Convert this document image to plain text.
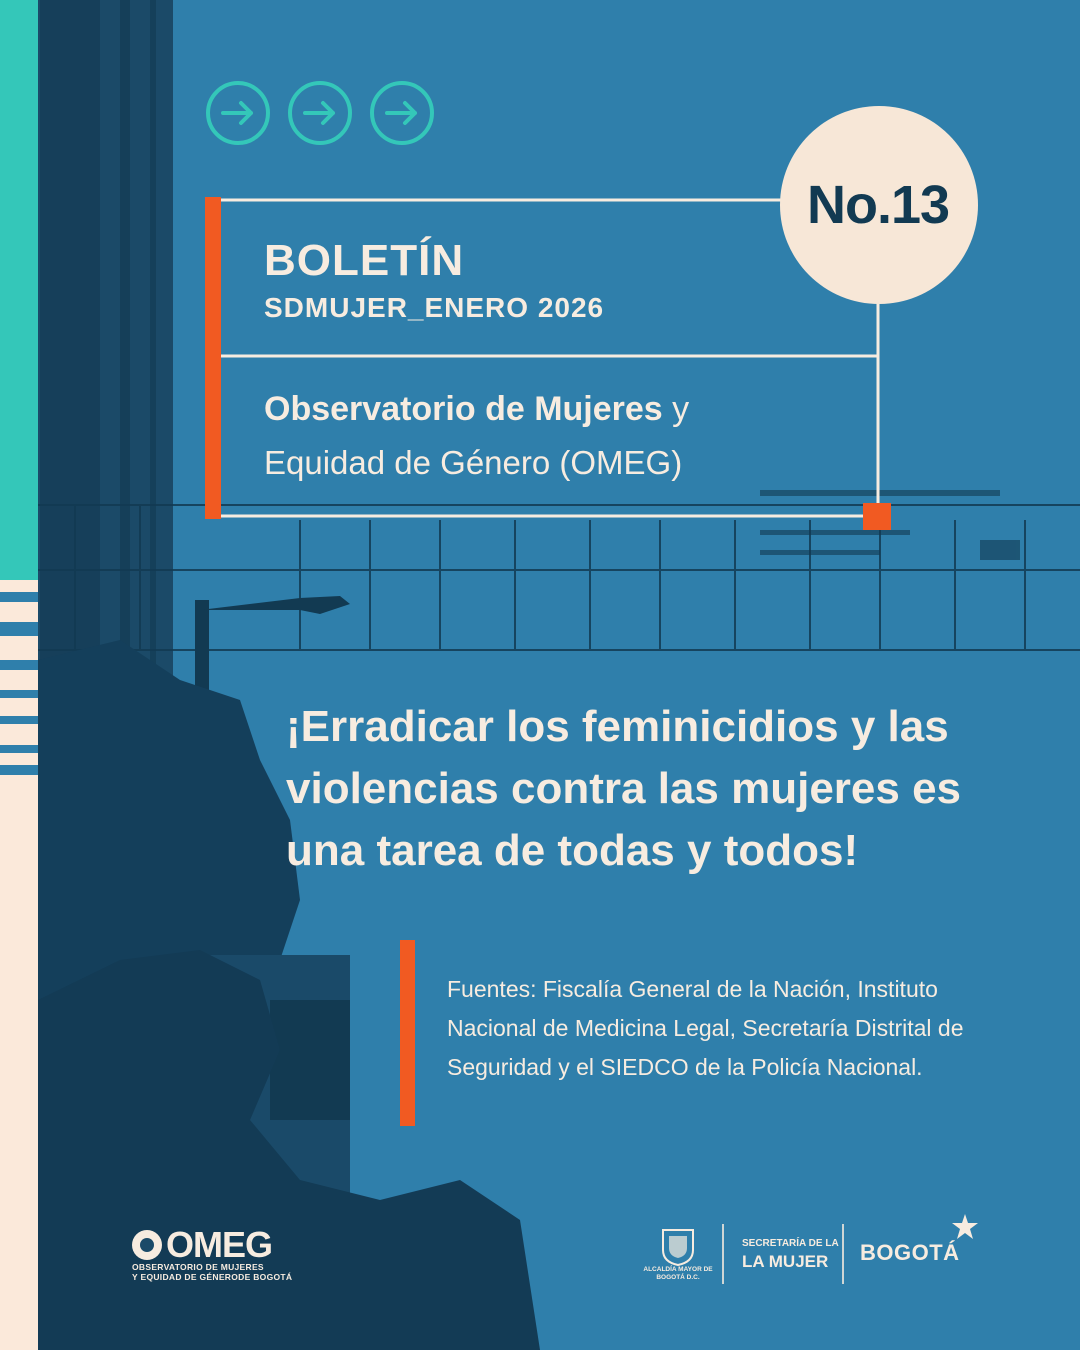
No.13
BOLETÍN
SDMUJER_ENERO 2026
Observatorio de Mujeres y
Equidad de Género (OMEG)
¡Erradicar los feminicidios y las violencias contra las mujeres es una tarea de todas y todos!
Fuentes: Fiscalía General de la Nación, Instituto Nacional de Medicina Legal, Secretaría Distrital de Seguridad y el SIEDCO de la Policía Nacional.
OMEG
OBSERVATORIO DE MUJERES
Y EQUIDAD DE GÉNERODE BOGOTÁ
ALCALDÍA MAYOR DE BOGOTÁ D.C.
SECRETARÍA DE LA
LA MUJER BOGOTÁ
